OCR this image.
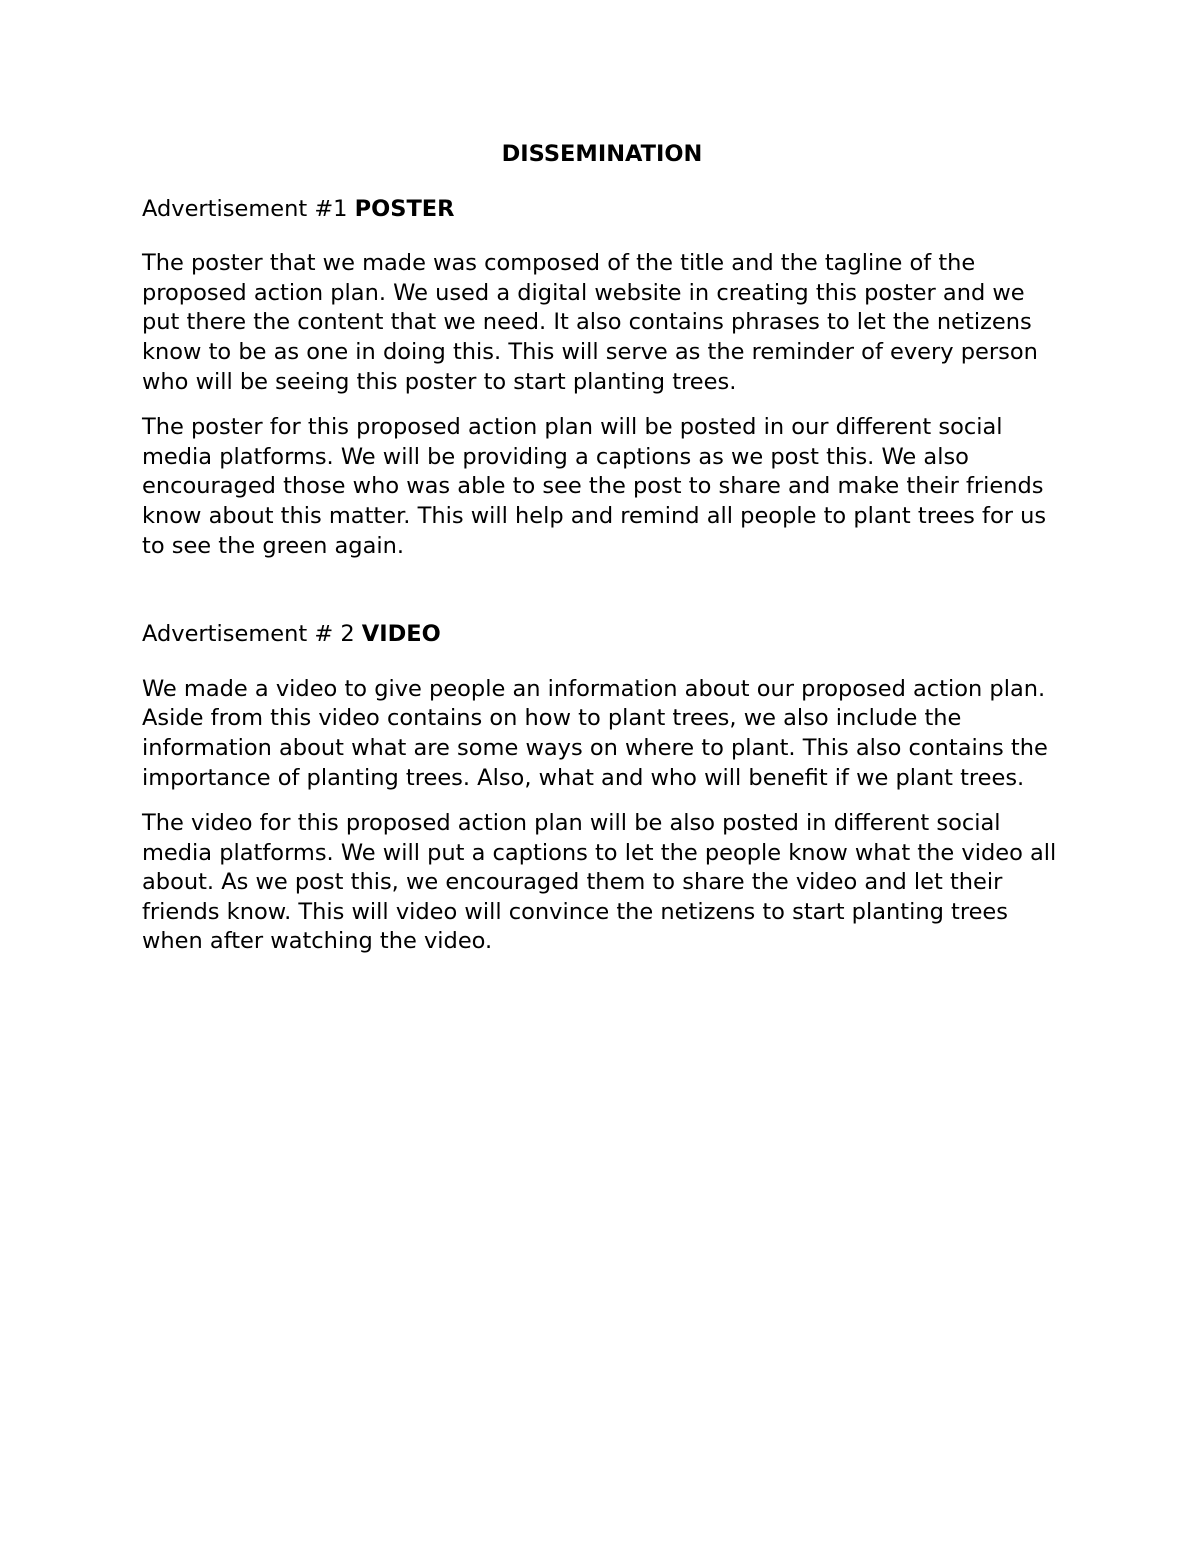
DISSEMINATION

Advertisement #1 POSTER

The poster that we made was composed of the title and the tagline of the proposed action plan. We used a digital website in creating this poster and we put there the content that we need. It also contains phrases to let the netizens know to be as one in doing this. This will serve as the reminder of every person who will be seeing this poster to start planting trees.

The poster for this proposed action plan will be posted in our different social media platforms. We will be providing a captions as we post this. We also encouraged those who was able to see the post to share and make their friends know about this matter. This will help and remind all people to plant trees for us to see the green again.

Advertisement # 2 VIDEO

We made a video to give people an information about our proposed action plan. Aside from this video contains on how to plant trees, we also include the information about what are some ways on where to plant. This also contains the importance of planting trees. Also, what and who will benefit if we plant trees.

The video for this proposed action plan will be also posted in different social media platforms. We will put a captions to let the people know what the video all about. As we post this, we encouraged them to share the video and let their friends know. This will video will convince the netizens to start planting trees when after watching the video.
